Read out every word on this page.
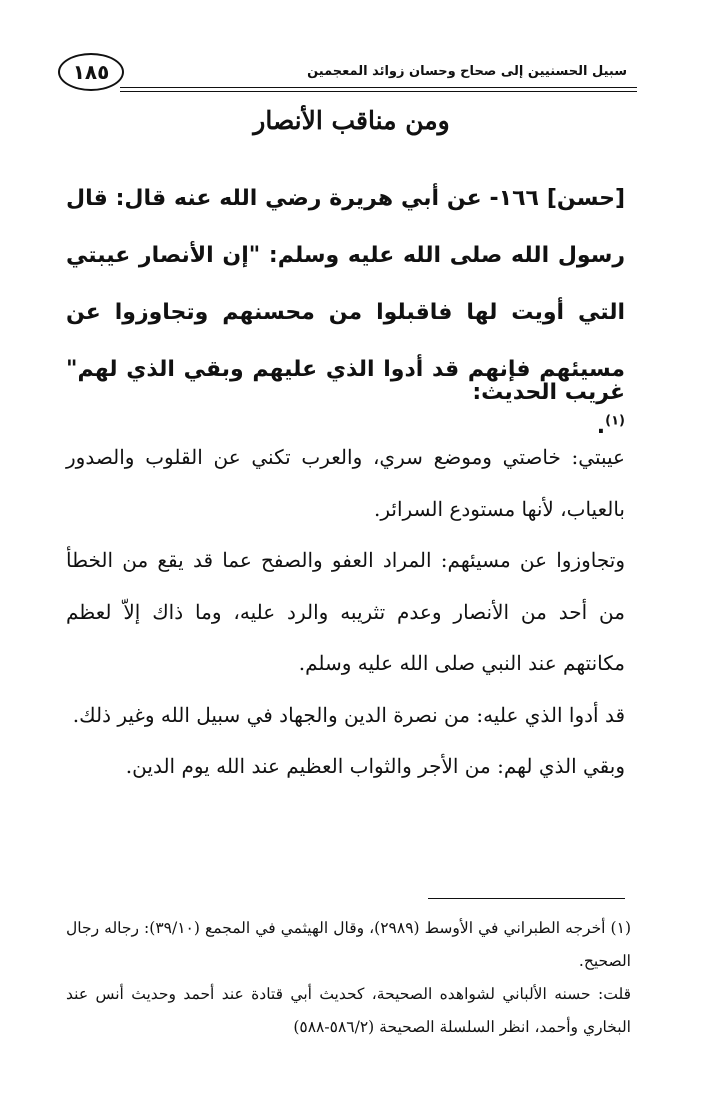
١٨٥	سبيل الحسنيين إلى صحاح وحسان زوائد المعجمين
ومن مناقب الأنصار
[حسن] ١٦٦- عن أبي هريرة رضي الله عنه قال: قال رسول الله صلى الله عليه وسلم: "إن الأنصار عيبتي التي أويت لها فاقبلوا من محسنهم وتجاوزوا عن مسيئهم فإنهم قد أدوا الذي عليهم وبقي الذي لهم"$^{(١)}$.
غريب الحديث:

عيبتي: خاصتي وموضع سري، والعرب تكني عن القلوب والصدور بالعياب، لأنها مستودع السرائر.

وتجاوزوا عن مسيئهم: المراد العفو والصفح عما قد يقع من الخطأ من أحد من الأنصار وعدم تثريبه والرد عليه، وما ذاك إلاّ لعظم مكانتهم عند النبي صلى الله عليه وسلم.

قد أدوا الذي عليه: من نصرة الدين والجهاد في سبيل الله وغير ذلك.

وبقي الذي لهم: من الأجر والثواب العظيم عند الله يوم الدين.

(١) أخرجه الطبراني في الأوسط (٢٩٨٩)، وقال الهيثمي في المجمع (٣٩/١٠): رجاله رجال الصحيح.

قلت: حسنه الألباني لشواهده الصحيحة، كحديث أبي قتادة عند أحمد وحديث أنس عند البخاري وأحمد، انظر السلسلة الصحيحة (٥٨٦/٢-٥٨٨)
